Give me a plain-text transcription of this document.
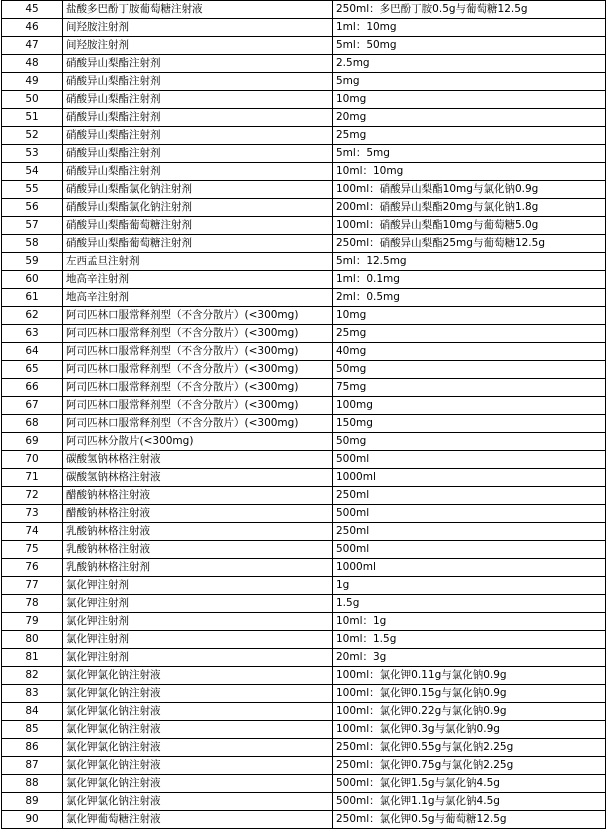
45	盐酸多巴酚丁胺葡萄糖注射液	250ml：多巴酚丁胺0.5g与葡萄糖12.5g
46	间羟胺注射剂	1ml：10mg
47	间羟胺注射剂	5ml：50mg
48	硝酸异山梨酯注射剂	2.5mg
49	硝酸异山梨酯注射剂	5mg
50	硝酸异山梨酯注射剂	10mg
51	硝酸异山梨酯注射剂	20mg
52	硝酸异山梨酯注射剂	25mg
53	硝酸异山梨酯注射剂	5ml：5mg
54	硝酸异山梨酯注射剂	10ml：10mg
55	硝酸异山梨酯氯化钠注射剂	100ml：硝酸异山梨酯10mg与氯化钠0.9g
56	硝酸异山梨酯氯化钠注射剂	200ml：硝酸异山梨酯20mg与氯化钠1.8g
57	硝酸异山梨酯葡萄糖注射剂	100ml：硝酸异山梨酯10mg与葡萄糖5.0g
58	硝酸异山梨酯葡萄糖注射剂	250ml：硝酸异山梨酯25mg与葡萄糖12.5g
59	左西孟旦注射剂	5ml：12.5mg
60	地高辛注射剂	1ml：0.1mg
61	地高辛注射剂	2ml：0.5mg
62	阿司匹林口服常释剂型（不含分散片）(<300mg)	10mg
63	阿司匹林口服常释剂型（不含分散片）(<300mg)	25mg
64	阿司匹林口服常释剂型（不含分散片）(<300mg)	40mg
65	阿司匹林口服常释剂型（不含分散片）(<300mg)	50mg
66	阿司匹林口服常释剂型（不含分散片）(<300mg)	75mg
67	阿司匹林口服常释剂型（不含分散片）(<300mg)	100mg
68	阿司匹林口服常释剂型（不含分散片）(<300mg)	150mg
69	阿司匹林分散片(<300mg)	50mg
70	碳酸氢钠林格注射液	500ml
71	碳酸氢钠林格注射液	1000ml
72	醋酸钠林格注射液	250ml
73	醋酸钠林格注射液	500ml
74	乳酸钠林格注射液	250ml
75	乳酸钠林格注射液	500ml
76	乳酸钠林格注射剂	1000ml
77	氯化钾注射剂	1g
78	氯化钾注射剂	1.5g
79	氯化钾注射剂	10ml：1g
80	氯化钾注射剂	10ml：1.5g
81	氯化钾注射剂	20ml：3g
82	氯化钾氯化钠注射液	100ml：氯化钾0.11g与氯化钠0.9g
83	氯化钾氯化钠注射液	100ml：氯化钾0.15g与氯化钠0.9g
84	氯化钾氯化钠注射液	100ml：氯化钾0.22g与氯化钠0.9g
85	氯化钾氯化钠注射液	100ml：氯化钾0.3g与氯化钠0.9g
86	氯化钾氯化钠注射液	250ml：氯化钾0.55g与氯化钠2.25g
87	氯化钾氯化钠注射液	250ml：氯化钾0.75g与氯化钠2.25g
88	氯化钾氯化钠注射液	500ml：氯化钾1.5g与氯化钠4.5g
89	氯化钾氯化钠注射液	500ml：氯化钾1.1g与氯化钠4.5g
90	氯化钾葡萄糖注射液	250ml：氯化钾0.5g与葡萄糖12.5g
